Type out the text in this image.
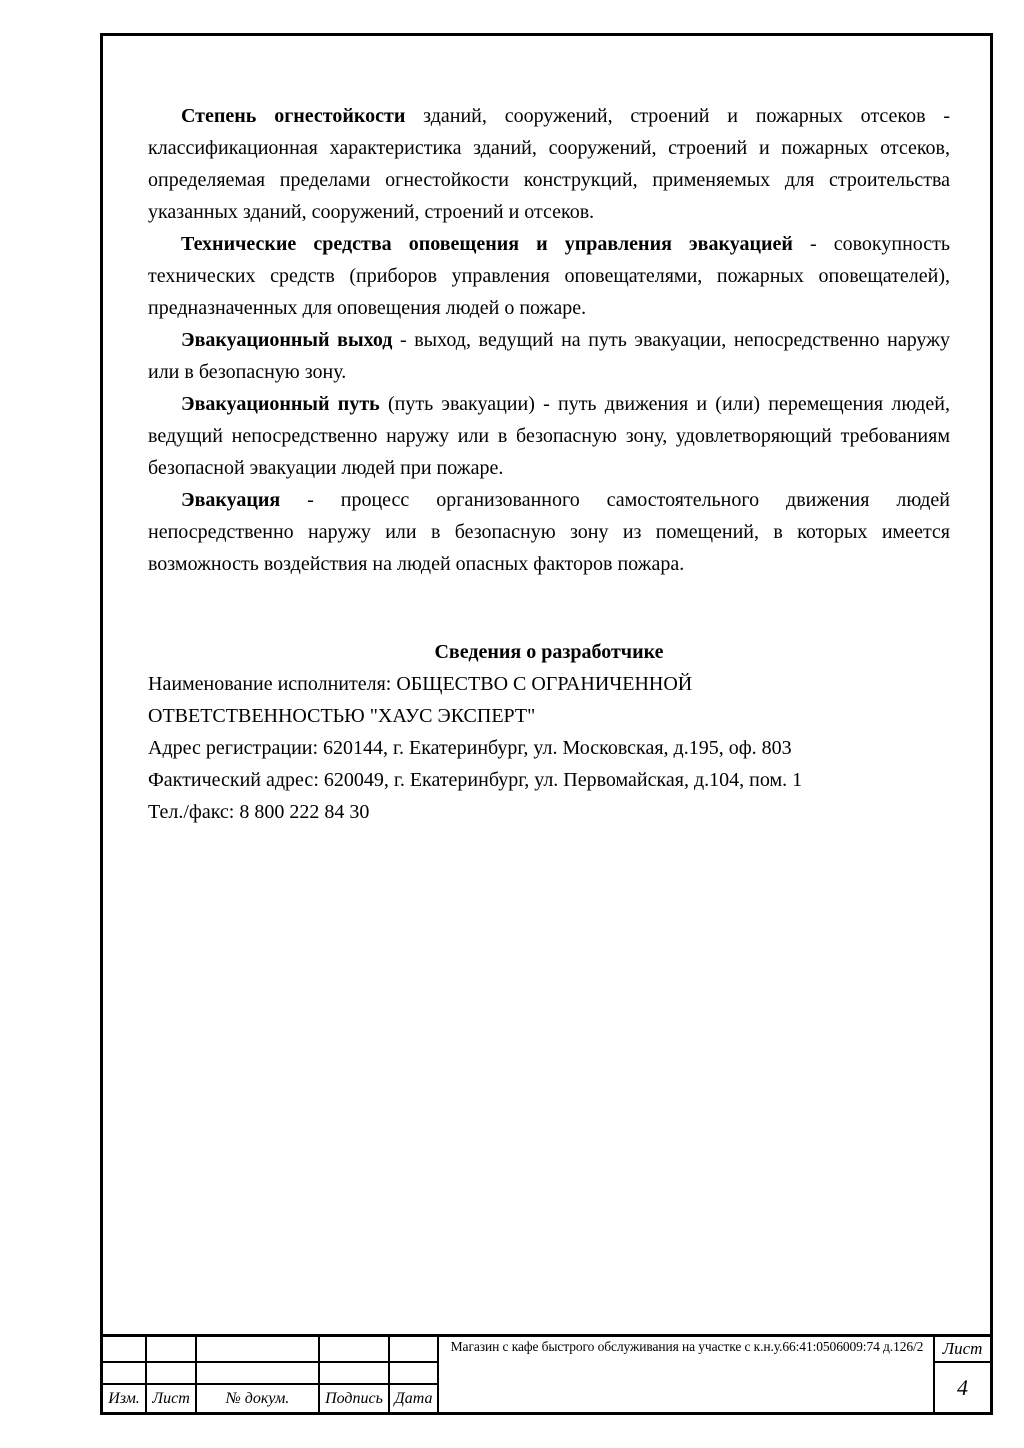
Степень огнестойкости зданий, сооружений, строений и пожарных отсеков - классификационная характеристика зданий, сооружений, строений и пожарных отсеков, определяемая пределами огнестойкости конструкций, применяемых для строительства указанных зданий, сооружений, строений и отсеков.

Технические средства оповещения и управления эвакуацией - совокупность технических средств (приборов управления оповещателями, пожарных оповещателей), предназначенных для оповещения людей о пожаре.

Эвакуационный выход - выход, ведущий на путь эвакуации, непосредственно наружу или в безопасную зону.

Эвакуационный путь (путь эвакуации) - путь движения и (или) перемещения людей, ведущий непосредственно наружу или в безопасную зону, удовлетворяющий требованиям безопасной эвакуации людей при пожаре.

Эвакуация - процесс организованного самостоятельного движения людей непосредственно наружу или в безопасную зону из помещений, в которых имеется возможность воздействия на людей опасных факторов пожара.

Сведения о разработчике

Наименование исполнителя: ОБЩЕСТВО С ОГРАНИЧЕННОЙ

ОТВЕТСТВЕННОСТЬЮ "ХАУС ЭКСПЕРТ"

Адрес регистрации: 620144, г. Екатеринбург, ул. Московская, д.195, оф. 803

Фактический адрес: 620049, г. Екатеринбург, ул. Первомайская, д.104, пом. 1

Тел./факс: 8 800 222 84 30

Изм. Лист	№ докум.	Подпись Дата
Магазин с кафе быстрого обслуживания на участке с к.н.у.66:41:0506009:74 д.126/2	Лист
4
